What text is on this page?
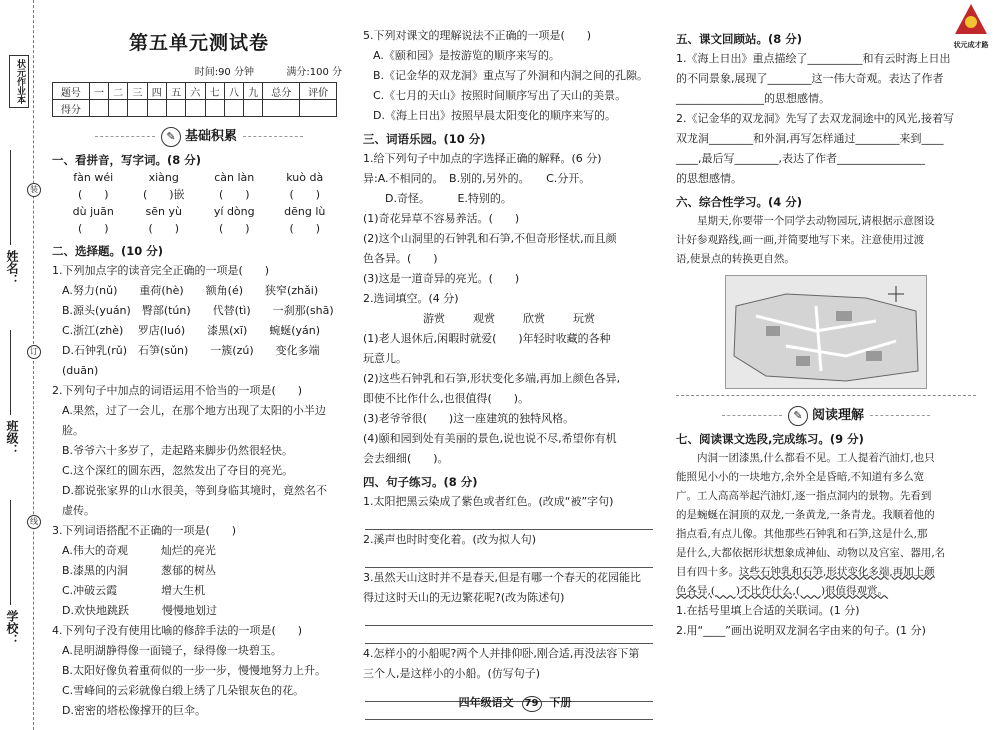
状元作业本
装
订
线
姓名：
班级：
学校：
第五单元测试卷
时间:90 分钟	满分:100 分
题号	一	二	三	四	五	六	七	八	九	总分	评价
得分											
✎ 基础积累
一、看拼音，写字词。(8 分)
fàn wéi	xiàng	càn làn	kuò dà
(　　)	(　　)嵌	(　　)	(　　)
dù juān	sēn yù	yí dòng	dēng lù
(　　)	(　　)	(　　)	(　　)
二、选择题。(10 分)
1.下列加点字的读音完全正确的一项是(　　)
A.努力(nǔ)　　重荷(hè)　　额角(é)　　狭窄(zhǎi)
B.源头(yuán)　臀部(tún)　　代替(tì)　　一刹那(shā)
C.浙江(zhè)　 罗店(luó)　　漆黑(xī)　　蜿蜒(yán)
D.石钟乳(rǔ)　石笋(sǔn)　　一簇(zú)　　变化多端(duān)
2.下列句子中加点的词语运用不恰当的一项是(　　)
A.果然，过了一会儿，在那个地方出现了太阳的小半边脸。
B.爷爷六十多岁了，走起路来脚步仍然很轻快。
C.这个深红的圆东西，忽然发出了夺目的亮光。
D.都说张家界的山水很美，等到身临其境时，竟然名不
虚传。
3.下列词语搭配不正确的一项是(　　)
A.伟大的奇观　　　灿烂的亮光
B.漆黑的内洞　　　葱郁的树丛
C.冲破云霞　　　　增大生机
D.欢快地跳跃　　　慢慢地划过
4.下列句子没有使用比喻的修辞手法的一项是(　　)
A.昆明湖静得像一面镜子，绿得像一块碧玉。
B.太阳好像负着重荷似的一步一步，慢慢地努力上升。
C.雪峰间的云彩就像白缎上绣了几朵银灰色的花。
D.密密的塔松像撑开的巨伞。
5.下列对课文的理解说法不正确的一项是(　　)
A.《颐和园》是按游览的顺序来写的。
B.《记金华的双龙洞》重点写了外洞和内洞之间的孔隙。
C.《七月的天山》按照时间顺序写出了天山的美景。
D.《海上日出》按照早晨太阳变化的顺序来写的。
三、词语乐园。(10 分)
1.给下列句子中加点的字选择正确的解释。(6 分)
异:A.不相同的。　B.别的,另外的。　　C.分开。
　　D.奇怪。　　　E.特别的。
(1)奇花异草不容易养活。(　　)
(2)这个山洞里的石钟乳和石笋,不但奇形怪状,而且颜
色各异。(　　)
(3)这是一道奇异的亮光。(　　)
2.选词填空。(4 分)
游赏	观赏	欣赏	玩赏
(1)老人退休后,闲暇时就爱(　　)年轻时收藏的各种
玩意儿。
(2)这些石钟乳和石笋,形状变化多端,再加上颜色各异,
即使不比作什么,也很值得(　　)。
(3)老爷爷很(　　)这一座建筑的独特风格。
(4)颐和园到处有美丽的景色,说也说不尽,希望你有机
会去细细(　　)。
四、句子练习。(8 分)
1.太阳把黑云染成了紫色或者红色。(改成“被”字句)
2.溪声也时时变化着。(改为拟人句)
3.虽然天山这时并不是春天,但是有哪一个春天的花园能比
得过这时天山的无边繁花呢?(改为陈述句)
4.怎样小的小船呢?两个人并排仰卧,刚合适,再没法容下第
三个人,是这样小的小船。(仿写句子)
四年级语文 79 下册
五、课文回顾站。(8 分)
1.《海上日出》重点描绘了__________和有云时海上日出
的不同景象,展现了________这一伟大奇观。表达了作者
________________的思想感情。
2.《记金华的双龙洞》先写了去双龙洞途中的风光,接着写
双龙洞________和外洞,再写怎样通过________来到____
____,最后写________,表达了作者________________
的思想感情。
六、综合性学习。(4 分)
星期天,你要带一个同学去动物园玩,请根据示意图设
计好参观路线,画一画,并简要地写下来。注意使用过渡
语,使景点的转换更自然。
✎ 阅读理解
七、阅读课文选段,完成练习。(9 分)
内洞一团漆黑,什么都看不见。工人提着汽油灯,也只
能照见小小的一块地方,余外全是昏暗,不知道有多么宽
广。工人高高举起汽油灯,逐一指点洞内的景物。先看到
的是蜿蜒在洞顶的双龙,一条黄龙,一条青龙。我顺着他的
指点看,有点儿像。其他那些石钟乳和石笋,这是什么,那
是什么,大都依据形状想象成神仙、动物以及宫室、器用,名
目有四十多。这些石钟乳和石笋,形状变化多端,再加上颜
色各异,(　　)不比作什么,(　　)很值得观赏。
1.在括号里填上合适的关联词。(1 分)
2.用“____”画出说明双龙洞名字由来的句子。(1 分)
状元成才路
